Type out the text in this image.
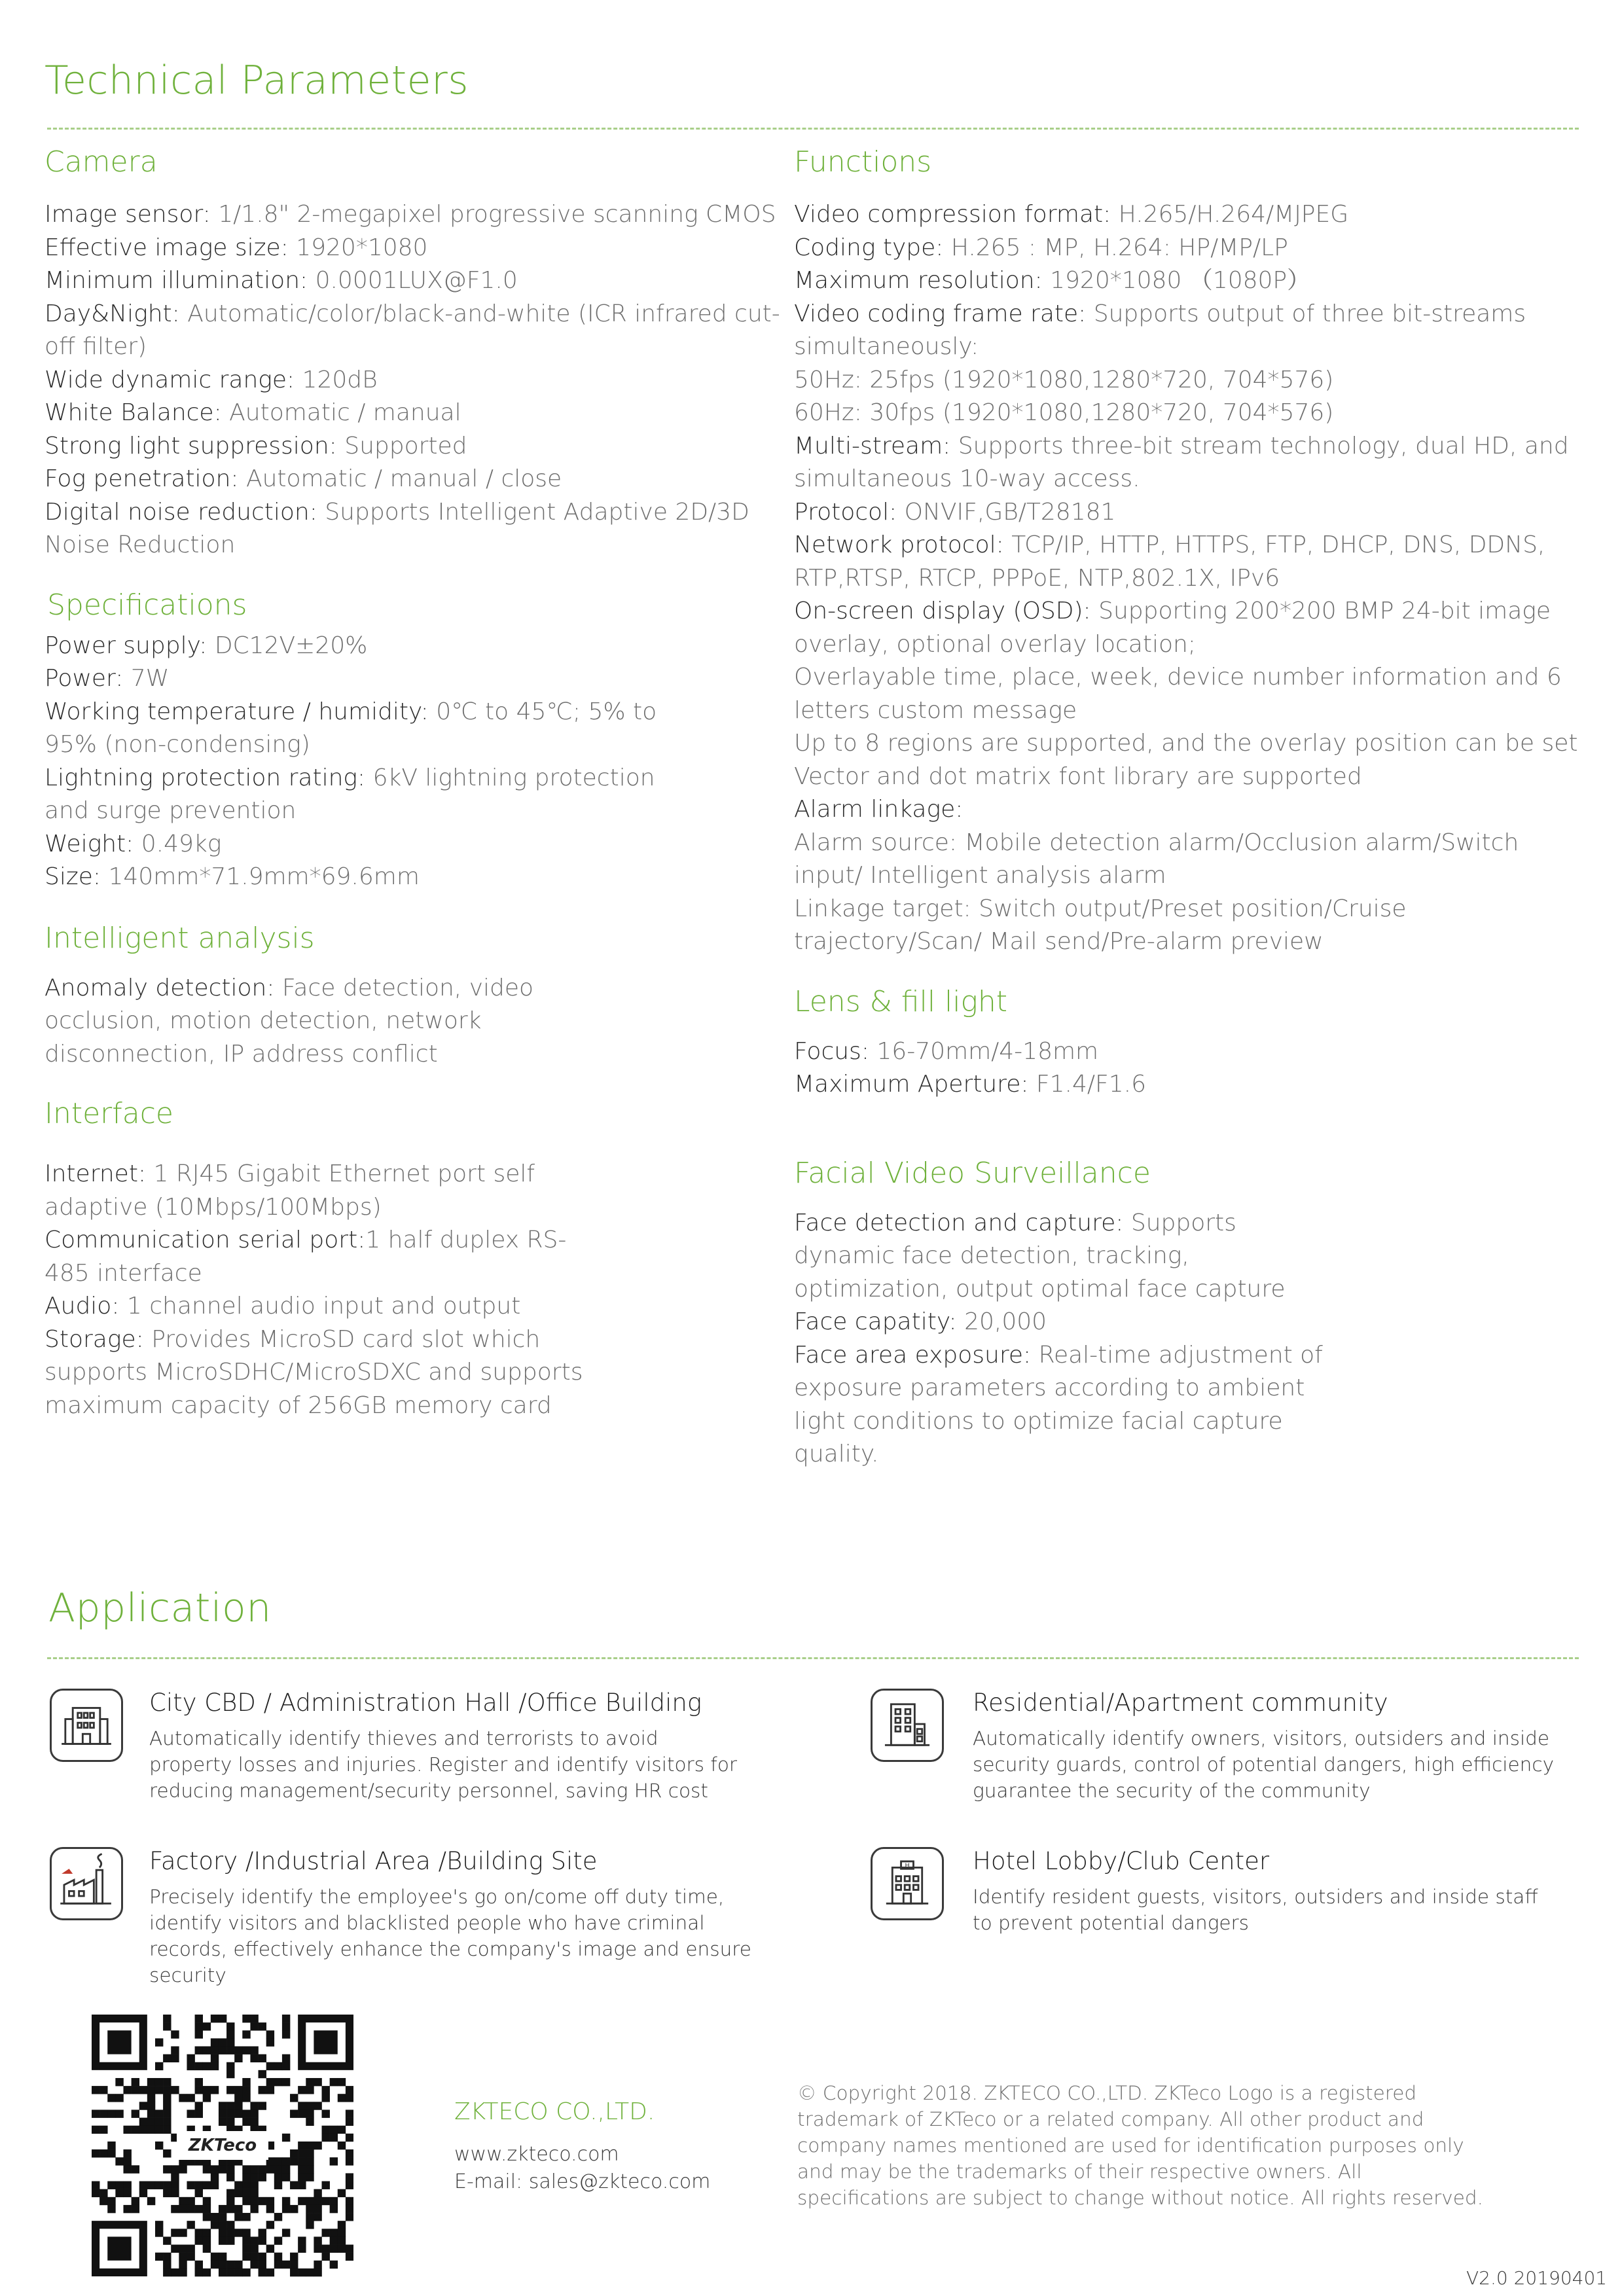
Technical Parameters
Camera

Image sensor: 1/1.8" 2-megapixel progressive scanning CMOS

Effective image size: 1920*1080

Minimum illumination: 0.0001LUX@F1.0

Day&Night: Automatic/color/black-and-white (ICR infrared cut-off filter)

Wide dynamic range: 120dB

White Balance: Automatic / manual

Strong light suppression: Supported

Fog penetration: Automatic / manual / close

Digital noise reduction: Supports Intelligent Adaptive 2D/3D Noise Reduction

Specifications

Power supply: DC12V±20%

Power: 7W

Working temperature / humidity: 0℃ to 45℃; 5% to 95% (non-condensing)

Lightning protection rating: 6kV lightning protection and surge prevention

Weight: 0.49kg

Size: 140mm*71.9mm*69.6mm

Intelligent analysis

Anomaly detection: Face detection, video occlusion, motion detection, network disconnection, IP address conflict

Interface

Internet: 1 RJ45 Gigabit Ethernet port self adaptive (10Mbps/100Mbps)

Communication serial port:1 half duplex RS-485 interface

Audio: 1 channel audio input and output

Storage: Provides MicroSD card slot which supports MicroSDHC/MicroSDXC and supports maximum capacity of 256GB memory card

Functions

Video compression format: H.265/H.264/MJPEG

Coding type: H.265 : MP, H.264: HP/MP/LP

Maximum resolution: 1920*1080 （1080P）

Video coding frame rate: Supports output of three bit-streams simultaneously:

50Hz: 25fps (1920*1080,1280*720, 704*576)

60Hz: 30fps (1920*1080,1280*720, 704*576)

Multi-stream: Supports three-bit stream technology, dual HD, and simultaneous 10-way access.

Protocol: ONVIF,GB/T28181

Network protocol: TCP/IP, HTTP, HTTPS, FTP, DHCP, DNS, DDNS, RTP,RTSP, RTCP, PPPoE, NTP,802.1X, IPv6

On-screen display (OSD): Supporting 200*200 BMP 24-bit image overlay, optional overlay location;

Overlayable time, place, week, device number information and 6 letters custom message

Up to 8 regions are supported, and the overlay position can be set

Vector and dot matrix font library are supported

Alarm linkage:

Alarm source: Mobile detection alarm/Occlusion alarm/Switch input/ Intelligent analysis alarm

Linkage target: Switch output/Preset position/Cruise trajectory/Scan/ Mail send/Pre-alarm preview

Lens & fill light

Focus: 16-70mm/4-18mm

Maximum Aperture: F1.4/F1.6

Facial Video Surveillance

Face detection and capture: Supports dynamic face detection, tracking, optimization, output optimal face capture

Face capatity: 20,000

Face area exposure: Real-time adjustment of exposure parameters according to ambient light conditions to optimize facial capture quality.

Application
City CBD / Administration Hall /Office Building
Automatically identify thieves and terrorists to avoid property losses and injuries. Register and identify visitors for reducing management/security personnel, saving HR cost
Residential/Apartment community
Automatically identify owners, visitors, outsiders and inside security guards, control of potential dangers, high efficiency guarantee the security of the community
Factory /Industrial Area /Building Site
Precisely identify the employee's go on/come off duty time, identify visitors and blacklisted people who have criminal records, effectively enhance the company's image and ensure security
H	Hotel Lobby/Club Center
Identify resident guests, visitors, outsiders and inside staff to prevent potential dangers
ZKTeco
ZKTECO CO.,LTD.
www.zkteco.com
E-mail: sales@zkteco.com
© Copyright 2018. ZKTECO CO.,LTD. ZKTeco Logo is a registered trademark of ZKTeco or a related company. All other product and company names mentioned are used for identification purposes only and may be the trademarks of their respective owners. All specifications are subject to change without notice. All rights reserved.
V2.0 20190401
